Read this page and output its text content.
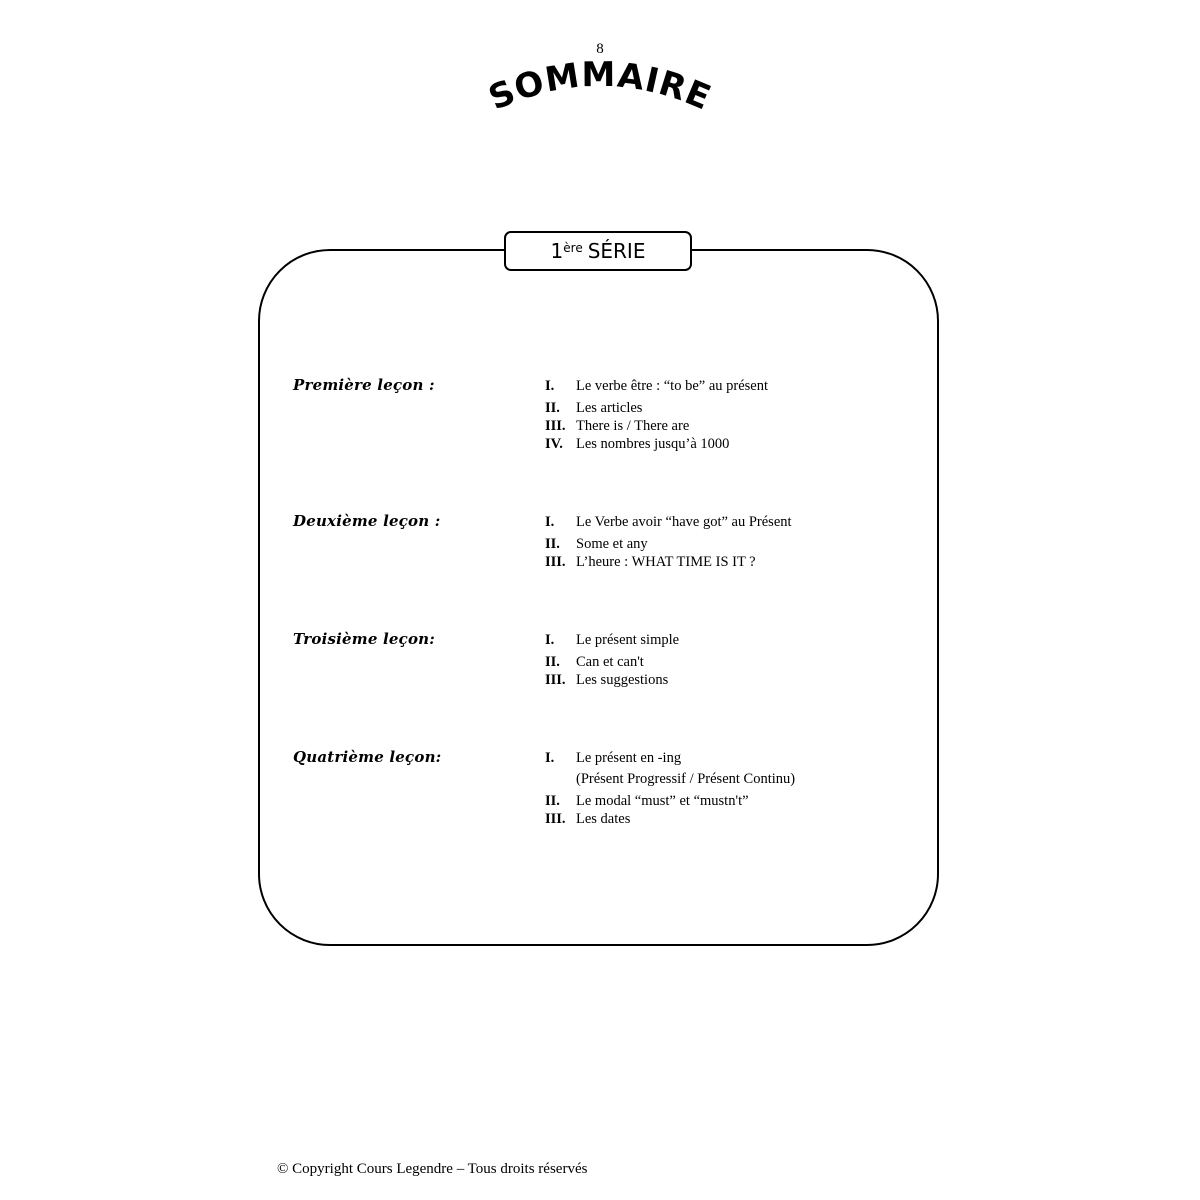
8
SOMMAIRE
1ère SÉRIE
Première leçon :	I.	Le verbe être : “to be” au présent
II.	Les articles
III. There is / There are
IV. Les nombres jusqu’à 1000
Deuxième leçon :	I.	Le Verbe avoir “have got” au Présent
II.	Some et any
III. L’heure : WHAT TIME IS IT ?
Troisième leçon:	I.	Le présent simple
II.	Can et can't
III. Les suggestions
Quatrième leçon:	I.	Le présent en -ing
(Présent Progressif / Présent Continu)
II.	Le modal “must” et “mustn't”
III. Les dates
© Copyright Cours Legendre – Tous droits réservés
